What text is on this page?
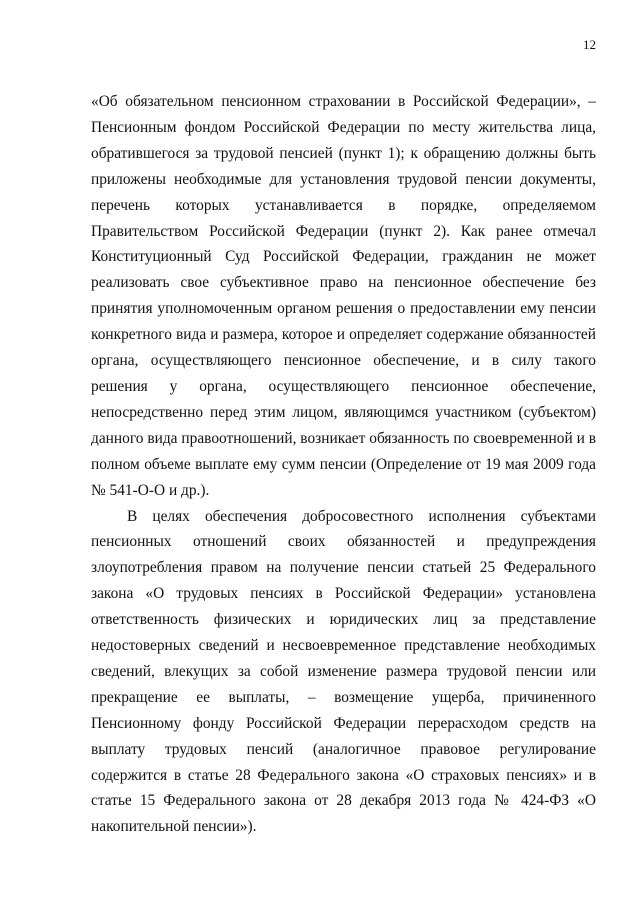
12

«Об обязательном пенсионном страховании в Российской Федерации», – Пенсионным фондом Российской Федерации по месту жительства лица, обратившегося за трудовой пенсией (пункт 1); к обращению должны быть приложены необходимые для установления трудовой пенсии документы, перечень которых устанавливается в порядке, определяемом Правительством Российской Федерации (пункт 2). Как ранее отмечал Конституционный Суд Российской Федерации, гражданин не может реализовать свое субъективное право на пенсионное обеспечение без принятия уполномоченным органом решения о предоставлении ему пенсии конкретного вида и размера, которое и определяет содержание обязанностей органа, осуществляющего пенсионное обеспечение, и в силу такого решения у органа, осуществляющего пенсионное обеспечение, непосредственно перед этим лицом, являющимся участником (субъектом) данного вида правоотношений, возникает обязанность по своевременной и в полном объеме выплате ему сумм пенсии (Определение от 19 мая 2009 года № 541-О-О и др.).

В целях обеспечения добросовестного исполнения субъектами пенсионных отношений своих обязанностей и предупреждения злоупотребления правом на получение пенсии статьей 25 Федерального закона «О трудовых пенсиях в Российской Федерации» установлена ответственность физических и юридических лиц за представление недостоверных сведений и несвоевременное представление необходимых сведений, влекущих за собой изменение размера трудовой пенсии или прекращение ее выплаты, – возмещение ущерба, причиненного Пенсионному фонду Российской Федерации перерасходом средств на выплату трудовых пенсий (аналогичное правовое регулирование содержится в статье 28 Федерального закона «О страховых пенсиях» и в статье 15 Федерального закона от 28 декабря 2013 года № 424-ФЗ «О накопительной пенсии»).
